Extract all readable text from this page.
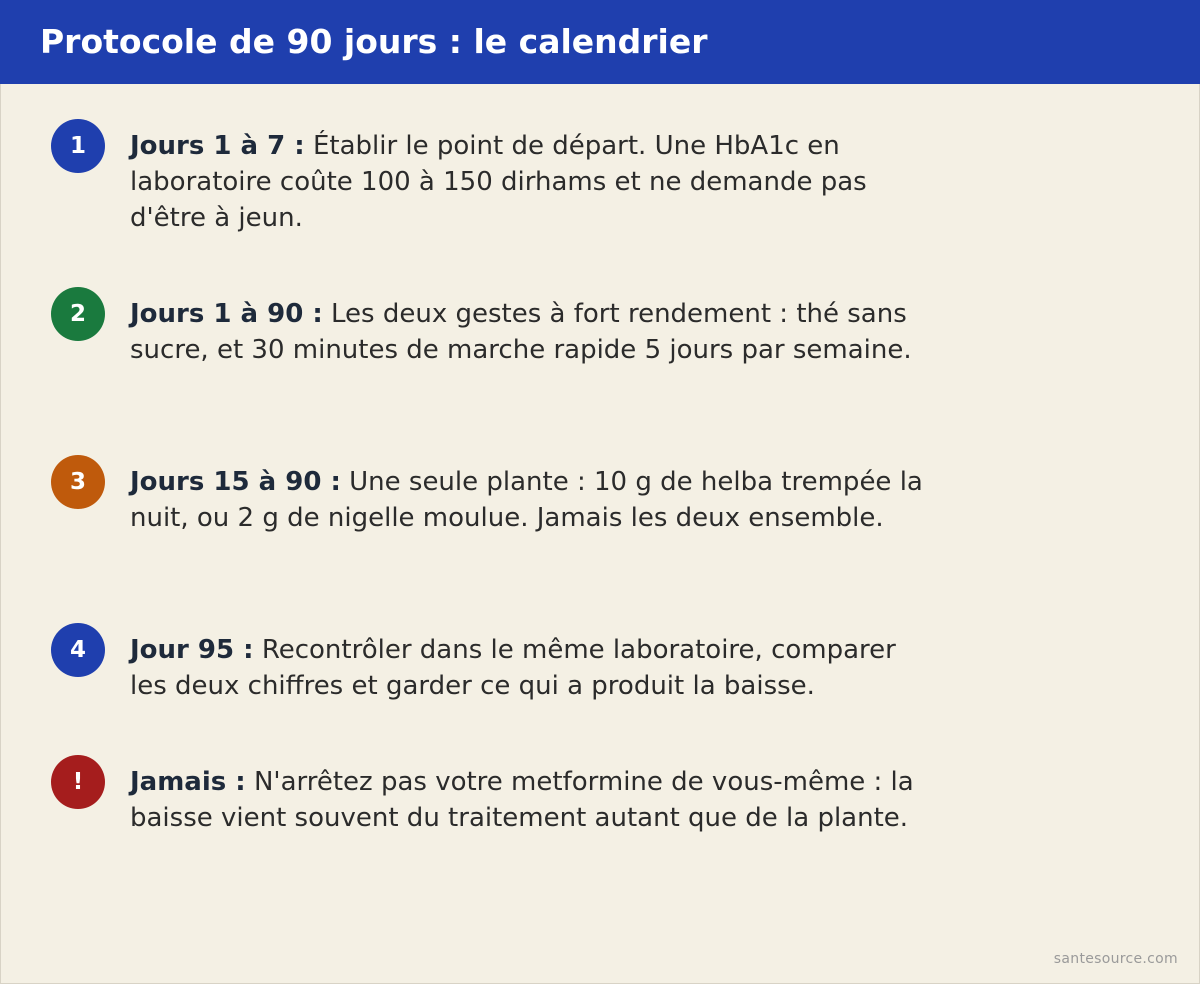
Protocole de 90 jours : le calendrier
1	Jours 1 à 7 : Établir le point de départ. Une HbA1c en laboratoire coûte 100 à 150 dirhams et ne demande pas d'être à jeun.
2	Jours 1 à 90 : Les deux gestes à fort rendement : thé sans sucre, et 30 minutes de marche rapide 5 jours par semaine.
3	Jours 15 à 90 : Une seule plante : 10 g de helba trempée la nuit, ou 2 g de nigelle moulue. Jamais les deux ensemble.
4	Jour 95 : Recontrôler dans le même laboratoire, comparer les deux chiffres et garder ce qui a produit la baisse.
!	Jamais : N'arrêtez pas votre metformine de vous-même : la baisse vient souvent du traitement autant que de la plante.
santesource.com
